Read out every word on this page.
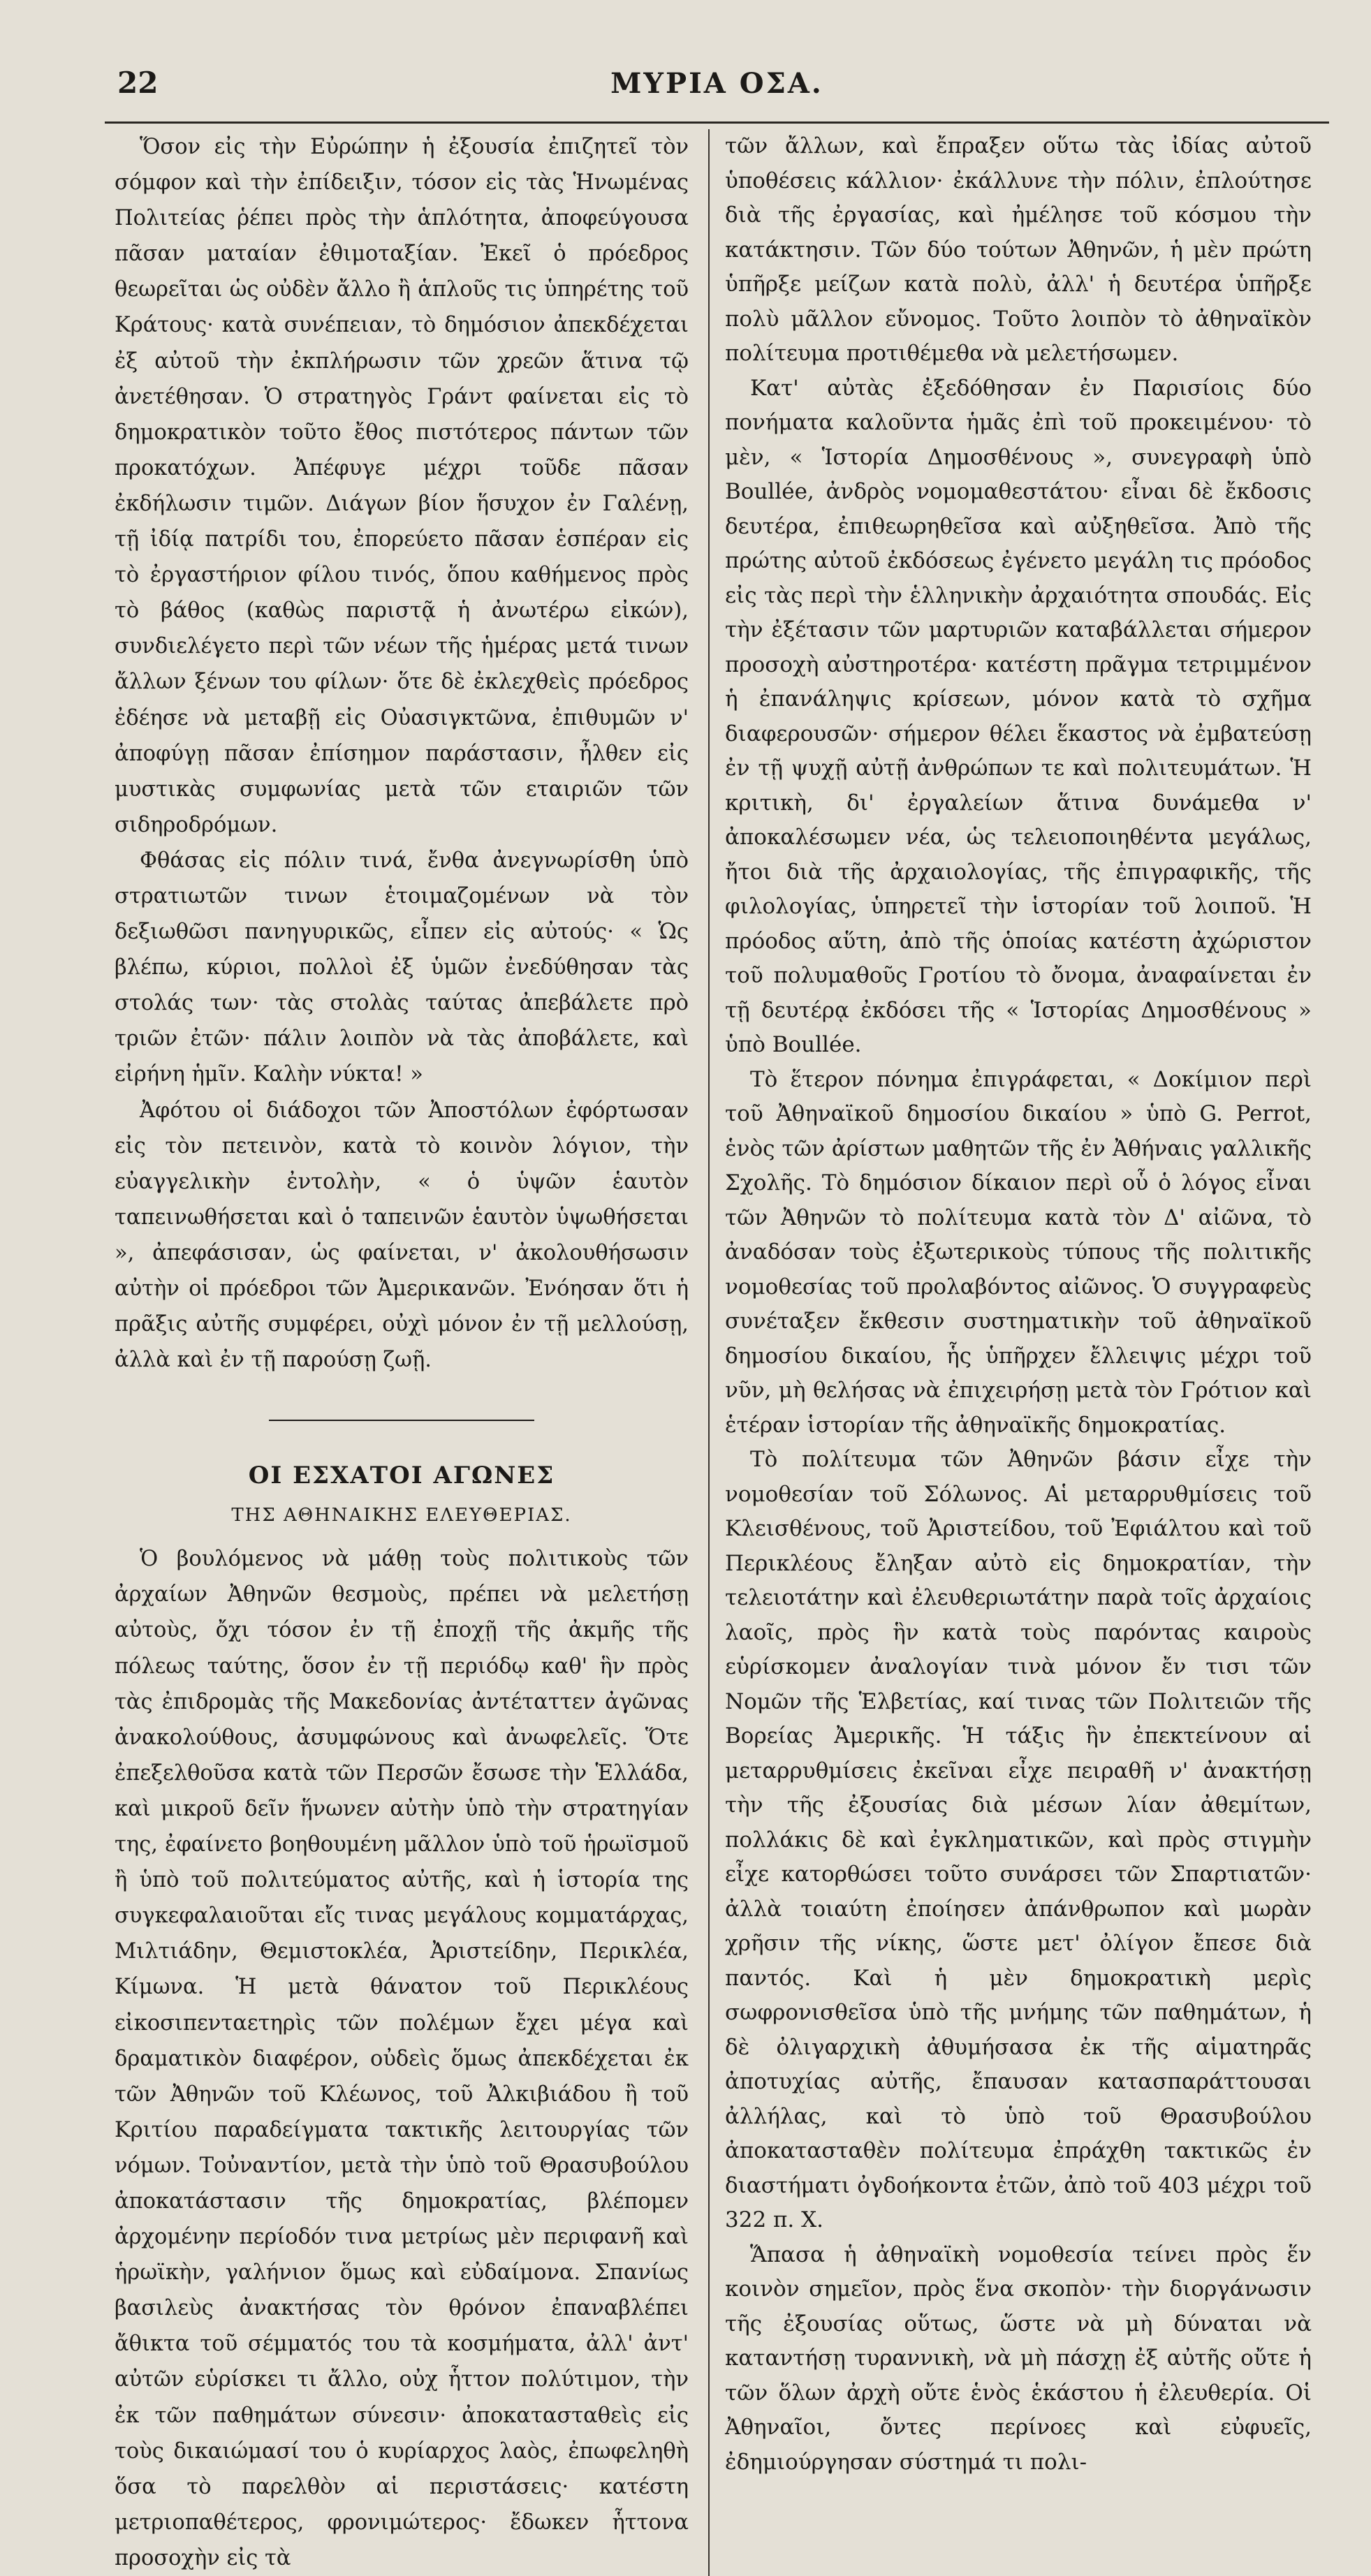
22	ΜΥΡΙΑ ΟΣΑ.

Ὅσον εἰς τὴν Εὐρώπην ἡ ἐξουσία ἐπιζητεῖ τὸν σόμφον καὶ τὴν ἐπίδειξιν, τόσον εἰς τὰς Ἡνωμένας Πολιτείας ῥέπει πρὸς τὴν ἁπλότητα, ἀποφεύγουσα πᾶσαν ματαίαν ἐθιμοταξίαν. Ἐκεῖ ὁ πρόεδρος θεωρεῖται ὡς οὐδὲν ἄλλο ἢ ἁπλοῦς τις ὑπηρέτης τοῦ Κράτους· κατὰ συνέπειαν, τὸ δημόσιον ἀπεκδέχεται ἐξ αὐτοῦ τὴν ἐκπλήρωσιν τῶν χρεῶν ἅτινα τῷ ἀνετέθησαν. Ὁ στρατηγὸς Γράντ φαίνεται εἰς τὸ δημοκρατικὸν τοῦτο ἔθος πιστότερος πάντων τῶν προκατόχων. Ἀπέφυγε μέχρι τοῦδε πᾶσαν ἐκδήλωσιν τιμῶν. Διάγων βίον ἥσυχον ἐν Γαλένῃ, τῇ ἰδίᾳ πατρίδι του, ἐπορεύετο πᾶσαν ἑσπέραν εἰς τὸ ἐργαστήριον φίλου τινός, ὅπου καθήμενος πρὸς τὸ βάθος (καθὼς παριστᾷ ἡ ἀνωτέρω εἰκών), συνδιελέγετο περὶ τῶν νέων τῆς ἡμέρας μετά τινων ἄλλων ξένων του φίλων· ὅτε δὲ ἐκλεχθεὶς πρόεδρος ἐδέησε νὰ μεταβῇ εἰς Οὐασιγκτῶνα, ἐπιθυμῶν ν' ἀποφύγῃ πᾶσαν ἐπίσημον παράστασιν, ἦλθεν εἰς μυστικὰς συμφωνίας μετὰ τῶν εταιριῶν τῶν σιδηροδρόμων.

Φθάσας εἰς πόλιν τινά, ἔνθα ἀνεγνωρίσθη ὑπὸ στρατιωτῶν τινων ἑτοιμαζομένων νὰ τὸν δεξιωθῶσι πανηγυρικῶς, εἶπεν εἰς αὐτούς· « Ὡς βλέπω, κύριοι, πολλοὶ ἐξ ὑμῶν ἐνεδύθησαν τὰς στολάς των· τὰς στολὰς ταύτας ἀπεβάλετε πρὸ τριῶν ἐτῶν· πάλιν λοιπὸν νὰ τὰς ἀποβάλετε, καὶ εἰρήνη ἡμῖν. Καλὴν νύκτα! »

Ἀφότου οἱ διάδοχοι τῶν Ἀποστόλων ἐφόρτωσαν εἰς τὸν πετεινὸν, κατὰ τὸ κοινὸν λόγιον, τὴν εὐαγγελικὴν ἐντολὴν, « ὁ ὑψῶν ἑαυτὸν ταπεινωθήσεται καὶ ὁ ταπεινῶν ἑαυτὸν ὑψωθήσεται », ἀπεφάσισαν, ὡς φαίνεται, ν' ἀκολουθήσωσιν αὐτὴν οἱ πρόεδροι τῶν Ἀμερικανῶν. Ἐνόησαν ὅτι ἡ πρᾶξις αὐτῆς συμφέρει, οὐχὶ μόνον ἐν τῇ μελλούσῃ, ἀλλὰ καὶ ἐν τῇ παρούσῃ ζωῇ.

ΟΙ ΕΣΧΑΤΟΙ ΑΓΩΝΕΣ
ΤΗΣ ΑΘΗΝΑΙΚΗΣ ΕΛΕΥΘΕΡΙΑΣ.

Ὁ βουλόμενος νὰ μάθῃ τοὺς πολιτικοὺς τῶν ἀρχαίων Ἀθηνῶν θεσμοὺς, πρέπει νὰ μελετήσῃ αὐτοὺς, ὄχι τόσον ἐν τῇ ἐποχῇ τῆς ἀκμῆς τῆς πόλεως ταύτης, ὅσον ἐν τῇ περιόδῳ καθ' ἣν πρὸς τὰς ἐπιδρομὰς τῆς Μακεδονίας ἀντέταττεν ἀγῶνας ἀνακολούθους, ἀσυμφώνους καὶ ἀνωφελεῖς. Ὅτε ἐπεξελθοῦσα κατὰ τῶν Περσῶν ἔσωσε τὴν Ἑλλάδα, καὶ μικροῦ δεῖν ἥνωνεν αὐτὴν ὑπὸ τὴν στρατηγίαν της, ἐφαίνετο βοηθουμένη μᾶλλον ὑπὸ τοῦ ἡρωϊσμοῦ ἢ ὑπὸ τοῦ πολιτεύματος αὐτῆς, καὶ ἡ ἱστορία της συγκεφαλαιοῦται εἴς τινας μεγάλους κομματάρχας, Μιλτιάδην, Θεμιστοκλέα, Ἀριστείδην, Περικλέα, Κίμωνα. Ἡ μετὰ θάνατον τοῦ Περικλέους εἰκοσιπενταετηρὶς τῶν πολέμων ἔχει μέγα καὶ δραματικὸν διαφέρον, οὐδεὶς ὅμως ἀπεκδέχεται ἐκ τῶν Ἀθηνῶν τοῦ Κλέωνος, τοῦ Ἀλκιβιάδου ἢ τοῦ Κριτίου παραδείγματα τακτικῆς λειτουργίας τῶν νόμων. Τοὐναντίον, μετὰ τὴν ὑπὸ τοῦ Θρασυβούλου ἀποκατάστασιν τῆς δημοκρατίας, βλέπομεν ἀρχομένην περίοδόν τινα μετρίως μὲν περιφανῆ καὶ ἡρωϊκὴν, γαλήνιον ὅμως καὶ εὐδαίμονα. Σπανίως βασιλεὺς ἀνακτήσας τὸν θρόνον ἐπαναβλέπει ἄθικτα τοῦ σέμματός του τὰ κοσμήματα, ἀλλ' ἀντ' αὐτῶν εὑρίσκει τι ἄλλο, οὐχ ἧττον πολύτιμον, τὴν ἐκ τῶν παθημάτων σύνεσιν· ἀποκατασταθεὶς εἰς τοὺς δικαιώμασί του ὁ κυρίαρχος λαὸς, ἐπωφεληθὴ ὅσα τὸ παρελθὸν αἱ περιστάσεις· κατέστη μετριοπαθέτερος, φρονιμώτερος· ἔδωκεν ἧττονα προσοχὴν εἰς τὰ

τῶν ἄλλων, καὶ ἔπραξεν οὕτω τὰς ἰδίας αὐτοῦ ὑποθέσεις κάλλιον· ἐκάλλυνε τὴν πόλιν, ἐπλούτησε διὰ τῆς ἐργασίας, καὶ ἠμέλησε τοῦ κόσμου τὴν κατάκτησιν. Τῶν δύο τούτων Ἀθηνῶν, ἡ μὲν πρώτη ὑπῆρξε μείζων κατὰ πολὺ, ἀλλ' ἡ δευτέρα ὑπῆρξε πολὺ μᾶλλον εὔνομος. Τοῦτο λοιπὸν τὸ ἀθηναϊκὸν πολίτευμα προτιθέμεθα νὰ μελετήσωμεν.

Κατ' αὐτὰς ἐξεδόθησαν ἐν Παρισίοις δύο πονήματα καλοῦντα ἡμᾶς ἐπὶ τοῦ προκειμένου· τὸ μὲν, « Ἱστορία Δημοσθένους », συνεγραφὴ ὑπὸ Boullée, ἀνδρὸς νομομαθεστάτου· εἶναι δὲ ἔκδοσις δευτέρα, ἐπιθεωρηθεῖσα καὶ αὐξηθεῖσα. Ἀπὸ τῆς πρώτης αὐτοῦ ἐκδόσεως ἐγένετο μεγάλη τις πρόοδος εἰς τὰς περὶ τὴν ἑλληνικὴν ἀρχαιότητα σπουδάς. Εἰς τὴν ἐξέτασιν τῶν μαρτυριῶν καταβάλλεται σήμερον προσοχὴ αὐστηροτέρα· κατέστη πρᾶγμα τετριμμένον ἡ ἐπανάληψις κρίσεων, μόνον κατὰ τὸ σχῆμα διαφερουσῶν· σήμερον θέλει ἕκαστος νὰ ἐμβατεύσῃ ἐν τῇ ψυχῇ αὐτῇ ἀνθρώπων τε καὶ πολιτευμάτων. Ἡ κριτικὴ, δι' ἐργαλείων ἅτινα δυνάμεθα ν' ἀποκαλέσωμεν νέα, ὡς τελειοποιηθέντα μεγάλως, ἤτοι διὰ τῆς ἀρχαιολογίας, τῆς ἐπιγραφικῆς, τῆς φιλολογίας, ὑπηρετεῖ τὴν ἱστορίαν τοῦ λοιποῦ. Ἡ πρόοδος αὕτη, ἀπὸ τῆς ὁποίας κατέστη ἀχώριστον τοῦ πολυμαθοῦς Γροτίου τὸ ὄνομα, ἀναφαίνεται ἐν τῇ δευτέρᾳ ἐκδόσει τῆς « Ἱστορίας Δημοσθένους » ὑπὸ Boullée.

Τὸ ἕτερον πόνημα ἐπιγράφεται, « Δοκίμιον περὶ τοῦ Ἀθηναϊκοῦ δημοσίου δικαίου » ὑπὸ G. Perrot, ἑνὸς τῶν ἀρίστων μαθητῶν τῆς ἐν Ἀθήναις γαλλικῆς Σχολῆς. Τὸ δημόσιον δίκαιον περὶ οὗ ὁ λόγος εἶναι τῶν Ἀθηνῶν τὸ πολίτευμα κατὰ τὸν Δ' αἰῶνα, τὸ ἀναδόσαν τοὺς ἐξωτερικοὺς τύπους τῆς πολιτικῆς νομοθεσίας τοῦ προλαβόντος αἰῶνος. Ὁ συγγραφεὺς συνέταξεν ἔκθεσιν συστηματικὴν τοῦ ἀθηναϊκοῦ δημοσίου δικαίου, ἧς ὑπῆρχεν ἔλλειψις μέχρι τοῦ νῦν, μὴ θελήσας νὰ ἐπιχειρήσῃ μετὰ τὸν Γρότιον καὶ ἑτέραν ἱστορίαν τῆς ἀθηναϊκῆς δημοκρατίας.

Τὸ πολίτευμα τῶν Ἀθηνῶν βάσιν εἶχε τὴν νομοθεσίαν τοῦ Σόλωνος. Αἱ μεταρρυθμίσεις τοῦ Κλεισθένους, τοῦ Ἀριστείδου, τοῦ Ἐφιάλτου καὶ τοῦ Περικλέους ἔληξαν αὐτὸ εἰς δημοκρατίαν, τὴν τελειοτάτην καὶ ἐλευθεριωτάτην παρὰ τοῖς ἀρχαίοις λαοῖς, πρὸς ἣν κατὰ τοὺς παρόντας καιροὺς εὑρίσκομεν ἀναλογίαν τινὰ μόνον ἔν τισι τῶν Νομῶν τῆς Ἑλβετίας, καί τινας τῶν Πολιτειῶν τῆς Βορείας Ἀμερικῆς. Ἡ τάξις ἣν ἐπεκτείνουν αἱ μεταρρυθμίσεις ἐκεῖναι εἶχε πειραθῆ ν' ἀνακτήσῃ τὴν τῆς ἐξουσίας διὰ μέσων λίαν ἀθεμίτων, πολλάκις δὲ καὶ ἐγκληματικῶν, καὶ πρὸς στιγμὴν εἶχε κατορθώσει τοῦτο συνάρσει τῶν Σπαρτιατῶν· ἀλλὰ τοιαύτη ἐποίησεν ἀπάνθρωπον καὶ μωρὰν χρῆσιν τῆς νίκης, ὥστε μετ' ὀλίγον ἔπεσε διὰ παντός. Καὶ ἡ μὲν δημοκρατικὴ μερὶς σωφρονισθεῖσα ὑπὸ τῆς μνήμης τῶν παθημάτων, ἡ δὲ ὀλιγαρχικὴ ἀθυμήσασα ἐκ τῆς αἱματηρᾶς ἀποτυχίας αὐτῆς, ἔπαυσαν κατασπαράττουσαι ἀλλήλας, καὶ τὸ ὑπὸ τοῦ Θρασυβούλου ἀποκατασταθὲν πολίτευμα ἐπράχθη τακτικῶς ἐν διαστήματι ὀγδοήκοντα ἐτῶν, ἀπὸ τοῦ 403 μέχρι τοῦ 322 π. Χ.

Ἅπασα ἡ ἀθηναϊκὴ νομοθεσία τείνει πρὸς ἕν κοινὸν σημεῖον, πρὸς ἕνα σκοπὸν· τὴν διοργάνωσιν τῆς ἐξουσίας οὕτως, ὥστε νὰ μὴ δύναται νὰ καταντήσῃ τυραννικὴ, νὰ μὴ πάσχῃ ἐξ αὐτῆς οὔτε ἡ τῶν ὅλων ἀρχὴ οὔτε ἑνὸς ἑκάστου ἡ ἐλευθερία. Οἱ Ἀθηναῖοι, ὄντες περίνοες καὶ εὐφυεῖς, ἐδημιούργησαν σύστημά τι πολι-
